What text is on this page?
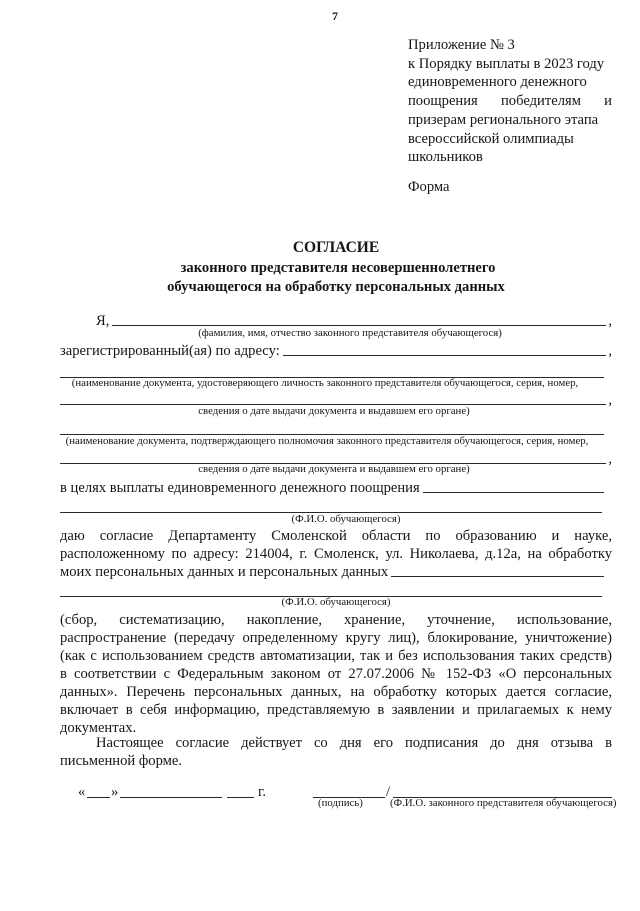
7
Приложение № 3
к Порядку выплаты в 2023 году
единовременного денежного
поощрения победителям и
призерам регионального этапа
всероссийской олимпиады
школьников
Форма
СОГЛАСИЕ
законного представителя несовершеннолетнего
обучающегося на обработку персональных данных
Я,	,
(фамилия, имя, отчество законного представителя обучающегося)
зарегистрированный(ая) по адресу:	,
(наименование документа, удостоверяющего личность законного представителя обучающегося, серия, номер,
,
сведения о дате выдачи документа и выдавшем его органе)
(наименование документа, подтверждающего полномочия законного представителя обучающегося, серия, номер,
,
сведения о дате выдачи документа и выдавшем его органе)
в целях выплаты единовременного денежного поощрения
(Ф.И.О. обучающегося)
даю согласие Департаменту Смоленской области по образованию и науке,
расположенному по адресу: 214004, г. Смоленск, ул. Николаева, д.12а, на обработку
моих персональных данных и персональных данных
(Ф.И.О. обучающегося)
(сбор, систематизацию, накопление, хранение, уточнение, использование,
распространение (передачу определенному кругу лиц), блокирование, уничтожение)
(как с использованием средств автоматизации, так и без использования таких средств)
в соответствии с Федеральным законом от 27.07.2006 № 152-ФЗ «О персональных
данных». Перечень персональных данных, на обработку которых дается согласие,
включает в себя информацию, представляемую в заявлении и прилагаемых к нему
документах.
Настоящее согласие действует со дня его подписания до дня отзыва в
письменной форме.
« »	г.	/
(подпись)	(Ф.И.О. законного представителя обучающегося)
